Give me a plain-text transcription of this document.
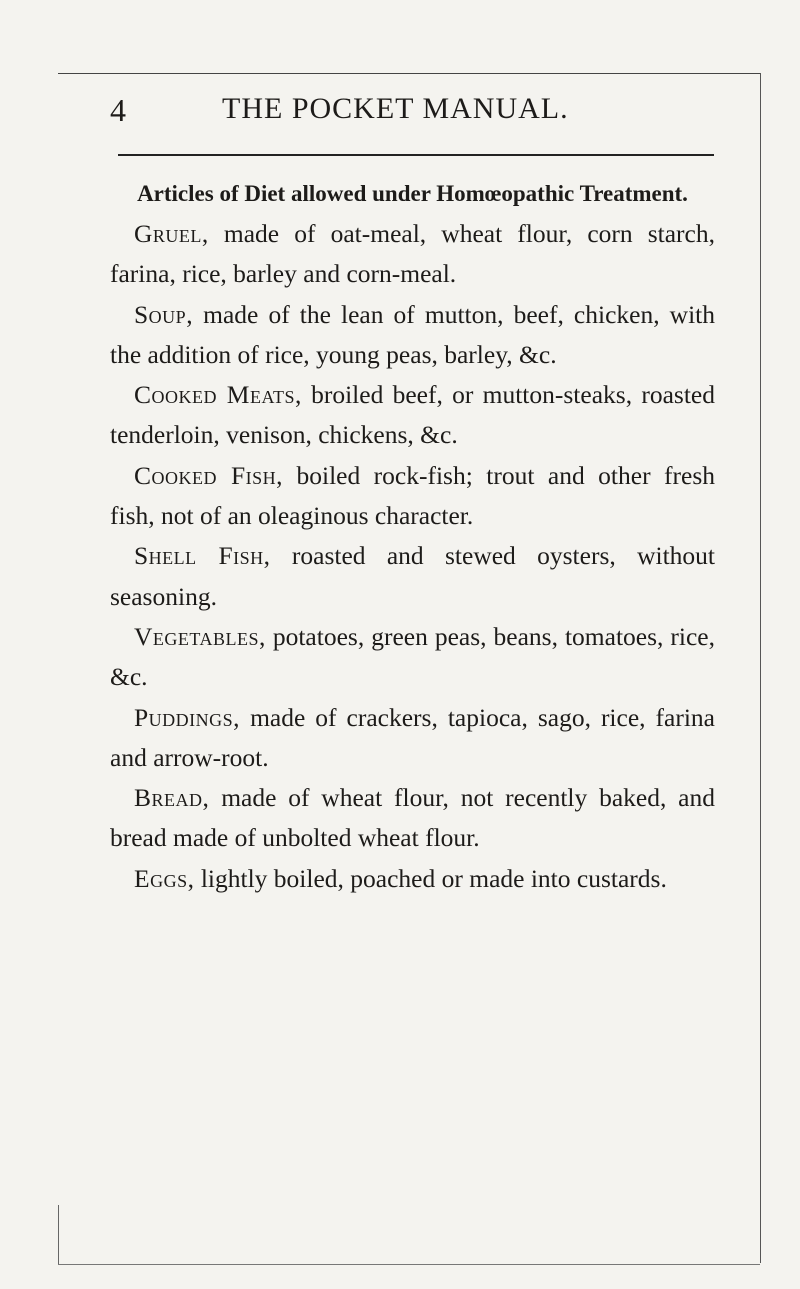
4	THE POCKET MANUAL.
Articles of Diet allowed under Homœopathic Treatment.

Gruel, made of oat-meal, wheat flour, corn starch, farina, rice, barley and corn-meal.

Soup, made of the lean of mutton, beef, chicken, with the addition of rice, young peas, barley, &c.

Cooked Meats, broiled beef, or mutton-steaks, roasted tenderloin, venison, chickens, &c.

Cooked Fish, boiled rock-fish; trout and other fresh fish, not of an oleaginous character.

Shell Fish, roasted and stewed oysters, without seasoning.

Vegetables, potatoes, green peas, beans, tomatoes, rice, &c.

Puddings, made of crackers, tapioca, sago, rice, farina and arrow-root.

Bread, made of wheat flour, not recently baked, and bread made of unbolted wheat flour.

Eggs, lightly boiled, poached or made into custards.
